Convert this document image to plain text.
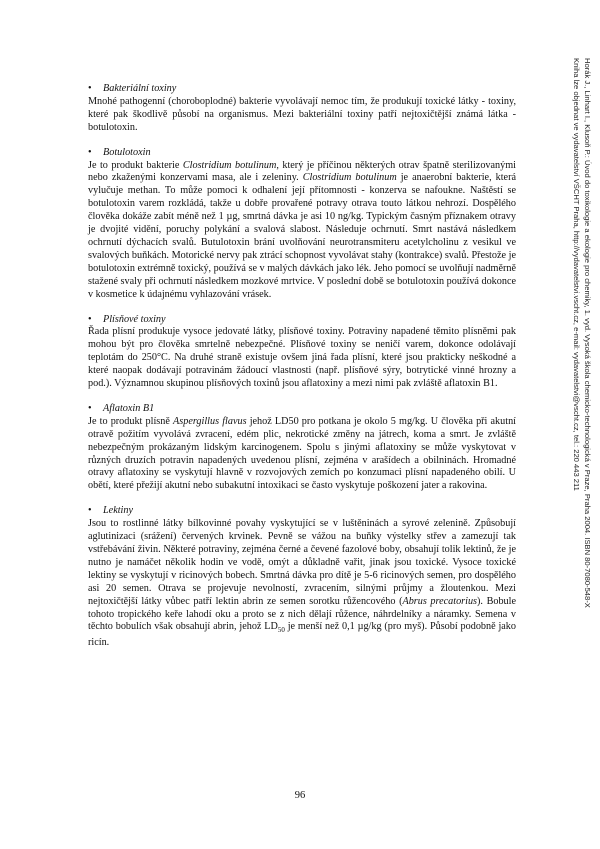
Horák J., Linhart I., Klusoň P.: Úvod do toxikologie a ekologie pro chemiky, 1. vyd. Vysoká škola chemicko-technologická v Praze, Praha 2004. ISBN 80-7080-548-X
Kniha lze objednat ve vydavatelství VŠCHT Praha, http://vydavatelstvi.vscht.cz, e-mail: vydavatelstvi@vscht.cz, tel.: 220 443 211
• Bakteriální toxiny

Mnohé pathogenní (choroboplodné) bakterie vyvolávají nemoc tím, že produkují toxické látky - toxiny, které pak škodlivě působí na organismus. Mezi bakteriální toxiny patří nejtoxičtější známá látka - botulotoxin.

• Botulotoxin

Je to produkt bakterie Clostridium botulinum, který je příčinou některých otrav špatně sterilizovanými nebo zkaženými konzervami masa, ale i zeleniny. Clostridium botulinum je anaerobní bakterie, která vylučuje methan. To může pomoci k odhalení její přítomnosti - konzerva se nafoukne. Naštěstí se botulotoxin varem rozkládá, takže u dobře provařené potravy otrava touto látkou nehrozí. Dospělého člověka dokáže zabít méně než 1 µg, smrtná dávka je asi 10 ng/kg. Typickým časným příznakem otravy je dvojité vidění, poruchy polykání a svalová slabost. Následuje ochrnutí. Smrt nastává následkem ochrnutí dýchacích svalů. Butulotoxin brání uvolňování neurotransmiteru acetylcholinu z vesikul ve svalových buňkách. Motorické nervy pak ztrácí schopnost vyvolávat stahy (kontrakce) svalů. Přestože je botulotoxin extrémně toxický, používá se v malých dávkách jako lék. Jeho pomocí se uvolňují nadměrně stažené svaly při ochrnutí následkem mozkové mrtvice. V poslední době se botulotoxin používá dokonce v kosmetice k údajnému vyhlazování vrásek.

• Plísňové toxiny

Řada plísní produkuje vysoce jedovaté látky, plísňové toxiny. Potraviny napadené těmito plísněmi pak mohou být pro člověka smrtelně nebezpečné. Plísňové toxiny se neničí varem, dokonce odolávají teplotám do 250°C. Na druhé straně existuje ovšem jiná řada plísní, které jsou prakticky neškodné a které naopak dodávají potravinám žádoucí vlastnosti (např. plísňové sýry, botrytické vinné hrozny a pod.). Významnou skupinou plísňových toxinů jsou aflatoxiny a mezi nimi pak zvláště aflatoxin B1.

• Aflatoxin B1

Je to produkt plísně Aspergillus flavus jehož LD50 pro potkana je okolo 5 mg/kg. U člověka při akutní otravě požitím vyvolává zvracení, edém plic, nekrotické změny na játrech, koma a smrt. Je zvláště nebezpečným prokázaným lidským karcinogenem. Spolu s jinými aflatoxiny se může vyskytovat v různých druzích potravin napadených uvedenou plísní, zejména v arašídech a obilninách. Hromadné otravy aflatoxiny se vyskytují hlavně v rozvojových zemích po konzumaci plísní napadeného obilí. U obětí, které přežijí akutní nebo subakutní intoxikaci se často vyskytuje poškození jater a rakovina.

• Lektiny

Jsou to rostlinné látky bílkovinné povahy vyskytující se v luštěninách a syrové zelenině. Způsobují aglutinizaci (srážení) červených krvinek. Pevně se vážou na buňky výstelky střev a zamezují tak vstřebávání živin. Některé potraviny, zejména černé a čevené fazolové boby, obsahují tolik lektinů, že je nutno je namáčet několik hodin ve vodě, omýt a důkladně vařit, jinak jsou toxické. Vysoce toxické lektiny se vyskytují v ricinových bobech. Smrtná dávka pro dítě je 5-6 ricinových semen, pro dospělého asi 20 semen. Otrava se projevuje nevolností, zvracením, silnými průjmy a žloutenkou. Mezi nejtoxičtější látky vůbec patří lektin abrin ze semen sorotku růžencového (Abrus precatorius). Bobule tohoto tropického keře lahodí oku a proto se z nich dělají růžence, náhrdelníky a náramky. Semena v těchto bobulích však obsahují abrin, jehož $LD_{50}$ je menší než 0,1 µg/kg (pro myš). Působí podobně jako ricín.

96
